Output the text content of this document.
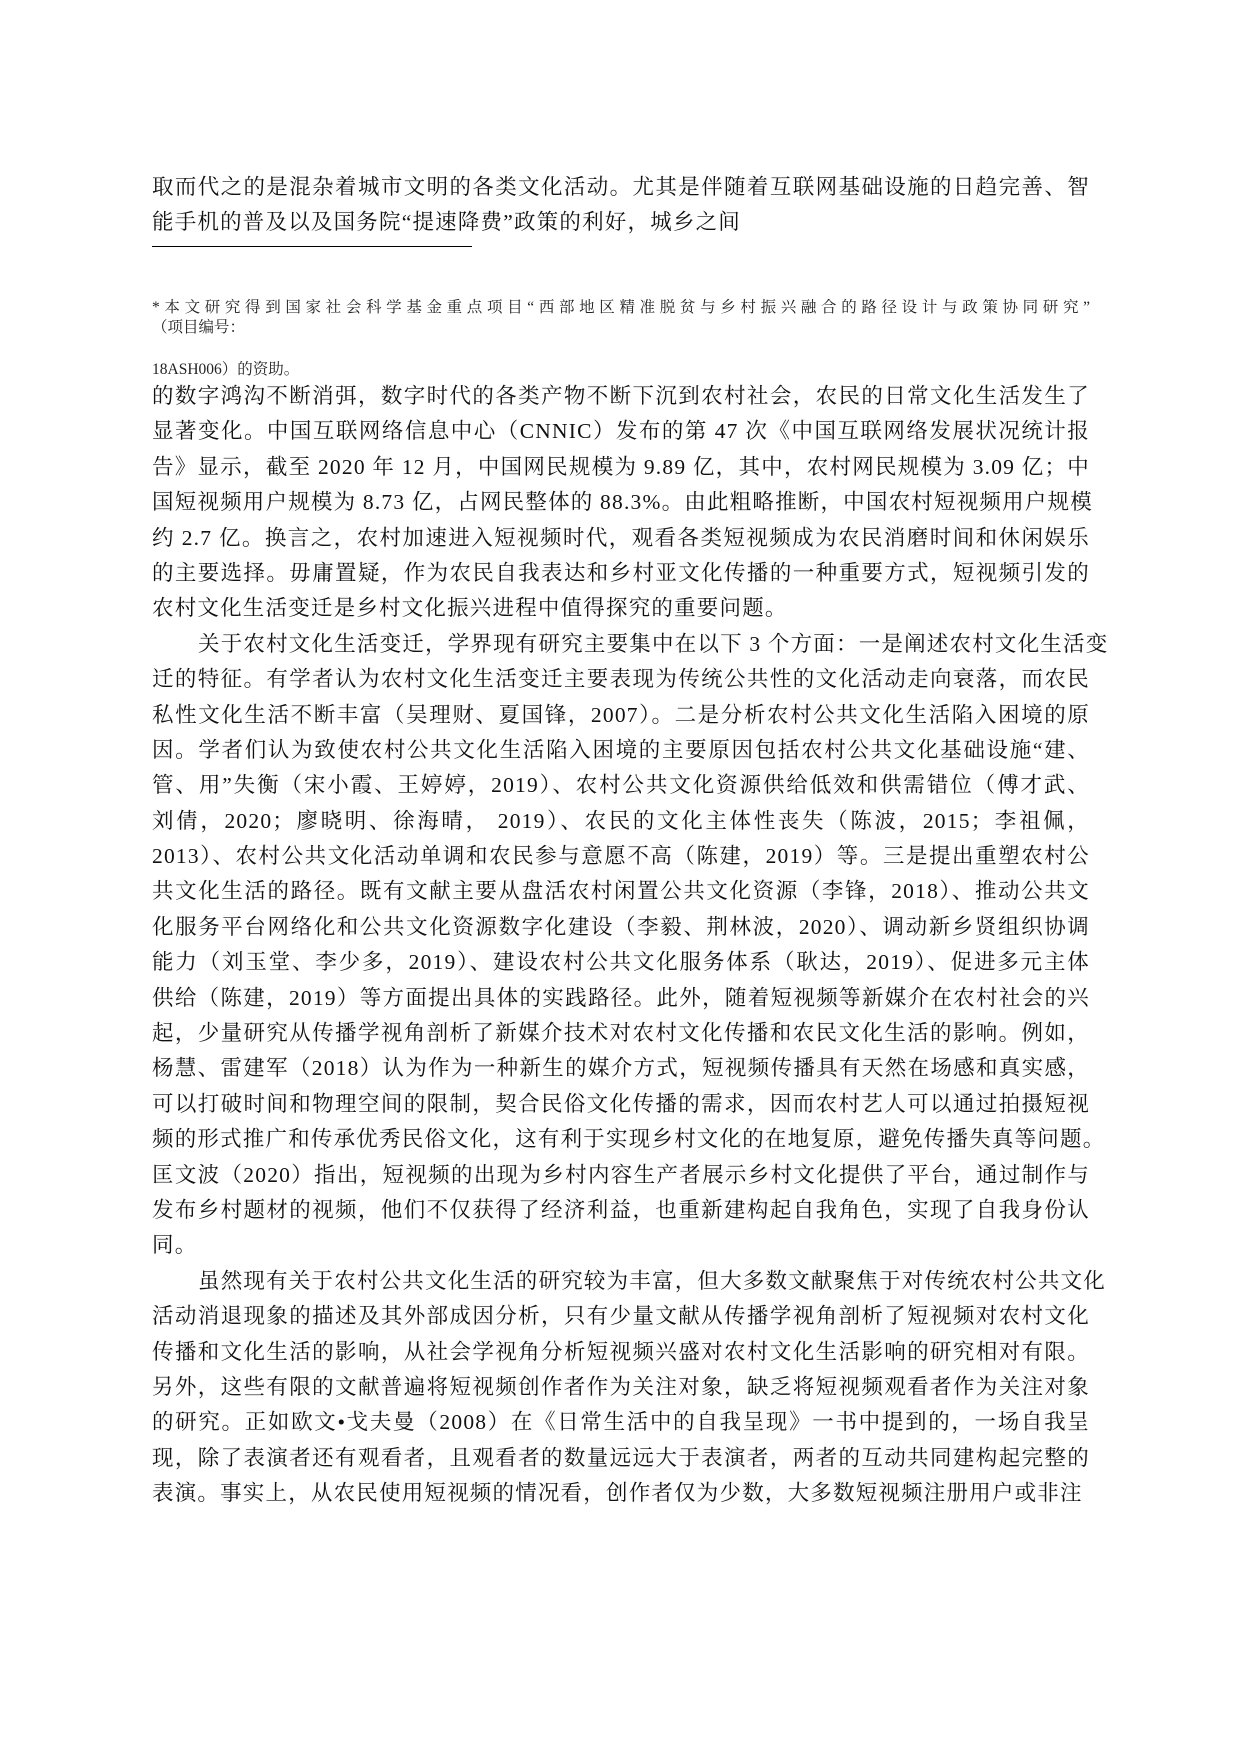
取而代之的是混杂着城市文明的各类文化活动。尤其是伴随着互联网基础设施的日趋完善、智
能手机的普及以及国务院“提速降费”政策的利好，城乡之间
*本文研究得到国家社会科学基金重点项目“西部地区精准脱贫与乡村振兴融合的路径设计与政策协同研究”
（项目编号：
18ASH006）的资助。
的数字鸿沟不断消弭，数字时代的各类产物不断下沉到农村社会，农民的日常文化生活发生了
显著变化。中国互联网络信息中心（CNNIC）发布的第 47 次《中国互联网络发展状况统计报
告》显示，截至 2020 年 12 月，中国网民规模为 9.89 亿，其中，农村网民规模为 3.09 亿；中
国短视频用户规模为 8.73 亿，占网民整体的 88.3%。由此粗略推断，中国农村短视频用户规模
约 2.7 亿。换言之，农村加速进入短视频时代，观看各类短视频成为农民消磨时间和休闲娱乐
的主要选择。毋庸置疑，作为农民自我表达和乡村亚文化传播的一种重要方式，短视频引发的
农村文化生活变迁是乡村文化振兴进程中值得探究的重要问题。
关于农村文化生活变迁，学界现有研究主要集中在以下 3 个方面：一是阐述农村文化生活变
迁的特征。有学者认为农村文化生活变迁主要表现为传统公共性的文化活动走向衰落，而农民
私性文化生活不断丰富（吴理财、夏国锋，2007）。二是分析农村公共文化生活陷入困境的原
因。学者们认为致使农村公共文化生活陷入困境的主要原因包括农村公共文化基础设施“建、
管、用”失衡（宋小霞、王婷婷，2019）、农村公共文化资源供给低效和供需错位（傅才武、
刘倩，2020；廖晓明、徐海晴， 2019）、农民的文化主体性丧失（陈波，2015；李祖佩，
2013）、农村公共文化活动单调和农民参与意愿不高（陈建，2019）等。三是提出重塑农村公
共文化生活的路径。既有文献主要从盘活农村闲置公共文化资源（李锋，2018）、推动公共文
化服务平台网络化和公共文化资源数字化建设（李毅、荆林波，2020）、调动新乡贤组织协调
能力（刘玉堂、李少多，2019）、建设农村公共文化服务体系（耿达，2019）、促进多元主体
供给（陈建，2019）等方面提出具体的实践路径。此外，随着短视频等新媒介在农村社会的兴
起，少量研究从传播学视角剖析了新媒介技术对农村文化传播和农民文化生活的影响。例如，
杨慧、雷建军（2018）认为作为一种新生的媒介方式，短视频传播具有天然在场感和真实感，
可以打破时间和物理空间的限制，契合民俗文化传播的需求，因而农村艺人可以通过拍摄短视
频的形式推广和传承优秀民俗文化，这有利于实现乡村文化的在地复原，避免传播失真等问题。
匡文波（2020）指出，短视频的出现为乡村内容生产者展示乡村文化提供了平台，通过制作与
发布乡村题材的视频，他们不仅获得了经济利益，也重新建构起自我角色，实现了自我身份认
同。
虽然现有关于农村公共文化生活的研究较为丰富，但大多数文献聚焦于对传统农村公共文化
活动消退现象的描述及其外部成因分析，只有少量文献从传播学视角剖析了短视频对农村文化
传播和文化生活的影响，从社会学视角分析短视频兴盛对农村文化生活影响的研究相对有限。
另外，这些有限的文献普遍将短视频创作者作为关注对象，缺乏将短视频观看者作为关注对象
的研究。正如欧文•戈夫曼（2008）在《日常生活中的自我呈现》一书中提到的，一场自我呈
现，除了表演者还有观看者，且观看者的数量远远大于表演者，两者的互动共同建构起完整的
表演。事实上，从农民使用短视频的情况看，创作者仅为少数，大多数短视频注册用户或非注
